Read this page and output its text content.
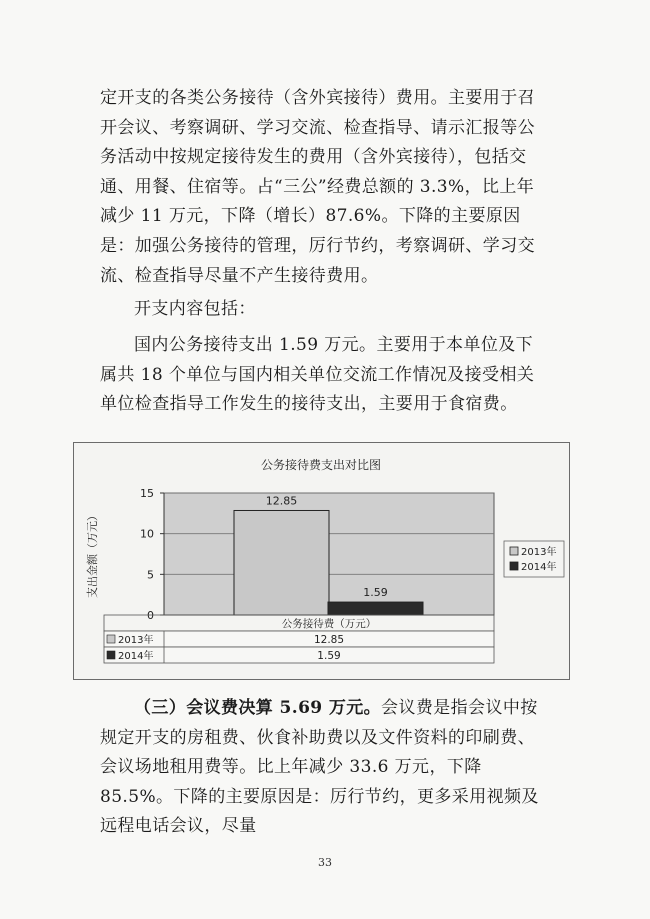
定开支的各类公务接待（含外宾接待）费用。主要用于召开会议、考察调研、学习交流、检查指导、请示汇报等公务活动中按规定接待发生的费用（含外宾接待），包括交通、用餐、住宿等。占“三公”经费总额的 3.3%，比上年减少 11 万元，下降（增长）87.6%。下降的主要原因是：加强公务接待的管理，厉行节约，考察调研、学习交流、检查指导尽量不产生接待费用。

开支内容包括：

国内公务接待支出 1.59 万元。主要用于本单位及下属共 18 个单位与国内相关单位交流工作情况及接受相关单位检查指导工作发生的接待支出，主要用于食宿费。

公务接待费支出对比图
0
5
10
15
支出金额（万元）
12.85
1.59
2013年
2014年
公务接待费（万元）
2013年	12.85
2014年	1.59

（三）会议费决算 5.69 万元。会议费是指会议中按规定开支的房租费、伙食补助费以及文件资料的印刷费、会议场地租用费等。比上年减少 33.6 万元，下降 85.5%。下降的主要原因是：厉行节约，更多采用视频及远程电话会议，尽量

33
